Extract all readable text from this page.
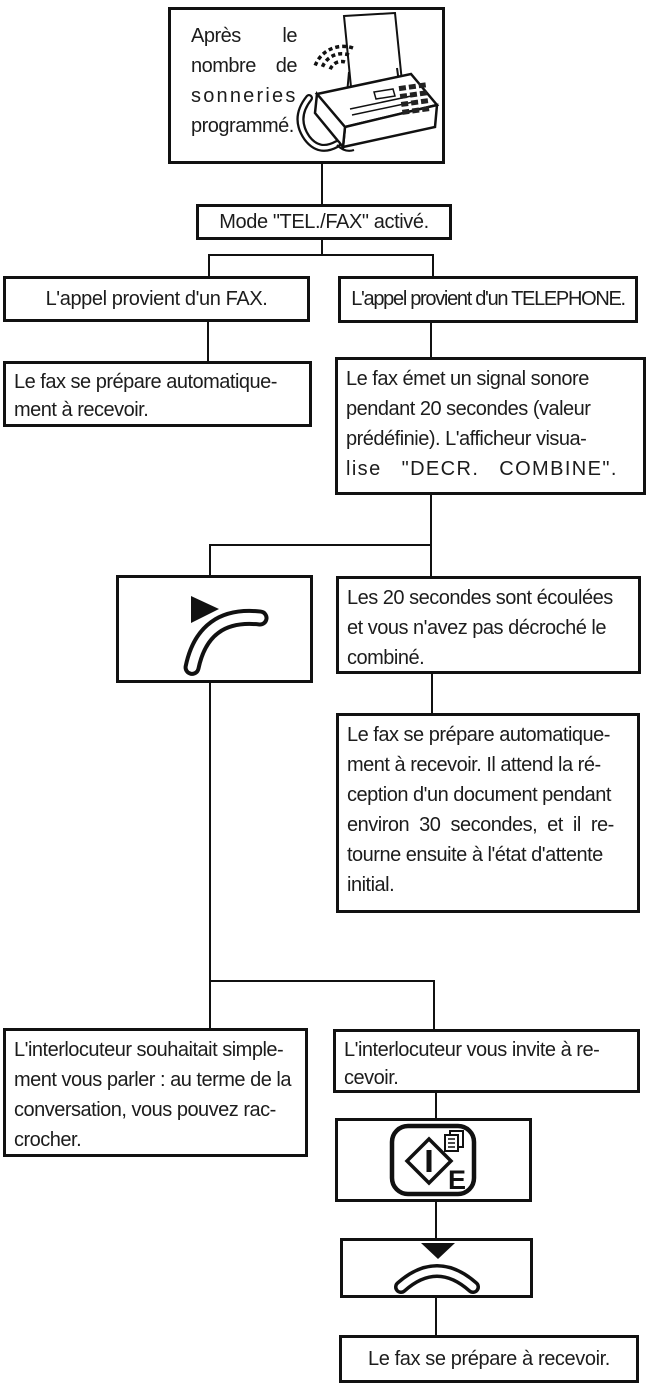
Après le
nombre de
sonneries
programmé.
Mode "TEL./FAX" activé.
L'appel provient d'un FAX.	L'appel provient d'un TELEPHONE.
Le fax se prépare automatique-
ment à recevoir.
Le fax émet un signal sonore
pendant 20 secondes (valeur
prédéfinie). L'afficheur visua-
lise "DECR. COMBINE".
Les 20 secondes sont écoulées
et vous n'avez pas décroché le
combiné.
Le fax se prépare automatique-
ment à recevoir. Il attend la ré-
ception d'un document pendant
environ 30 secondes, et il re-
tourne ensuite à l'état d'attente
initial.
L'interlocuteur souhaitait simple-
ment vous parler : au terme de la
conversation, vous pouvez rac-
crocher.
L'interlocuteur vous invite à re-
cevoir.
E
Le fax se prépare à recevoir.
